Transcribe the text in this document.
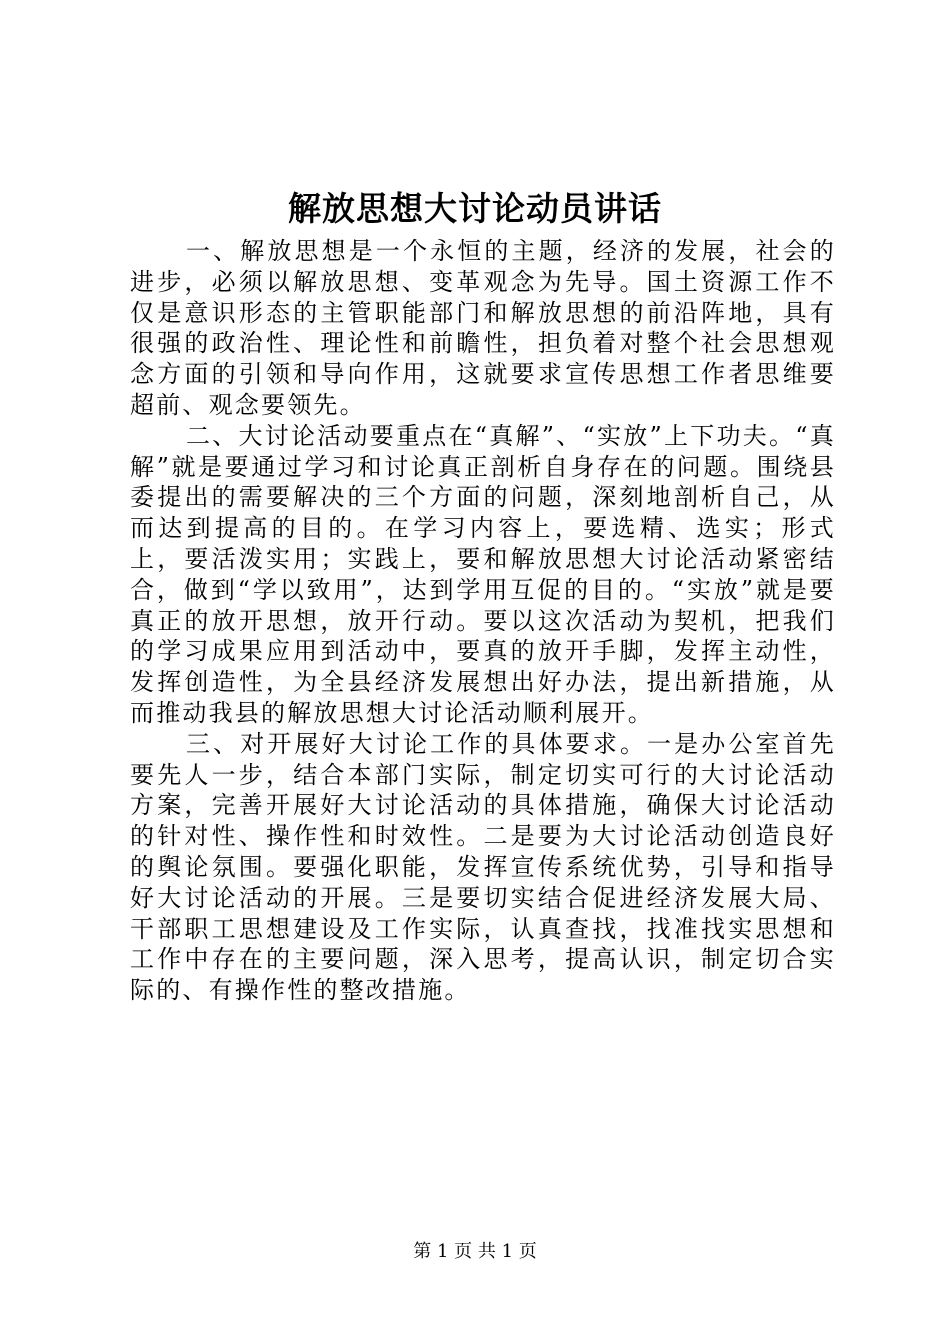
解放思想大讨论动员讲话

一、解放思想是一个永恒的主题，经济的发展，社会的进步，必须以解放思想、变革观念为先导。国土资源工作不仅是意识形态的主管职能部门和解放思想的前沿阵地，具有很强的政治性、理论性和前瞻性，担负着对整个社会思想观念方面的引领和导向作用，这就要求宣传思想工作者思维要超前、观念要领先。

二、大讨论活动要重点在“真解”、“实放”上下功夫。“真解”就是要通过学习和讨论真正剖析自身存在的问题。围绕县委提出的需要解决的三个方面的问题，深刻地剖析自己，从而达到提高的目的。在学习内容上，要选精、选实；形式上，要活泼实用；实践上，要和解放思想大讨论活动紧密结合，做到“学以致用”，达到学用互促的目的。“实放”就是要真正的放开思想，放开行动。要以这次活动为契机，把我们的学习成果应用到活动中，要真的放开手脚，发挥主动性，发挥创造性，为全县经济发展想出好办法，提出新措施，从而推动我县的解放思想大讨论活动顺利展开。

三、对开展好大讨论工作的具体要求。一是办公室首先要先人一步，结合本部门实际，制定切实可行的大讨论活动方案，完善开展好大讨论活动的具体措施，确保大讨论活动的针对性、操作性和时效性。二是要为大讨论活动创造良好的舆论氛围。要强化职能，发挥宣传系统优势，引导和指导好大讨论活动的开展。三是要切实结合促进经济发展大局、干部职工思想建设及工作实际，认真查找，找准找实思想和工作中存在的主要问题，深入思考，提高认识，制定切合实际的、有操作性的整改措施。

第 1 页 共 1 页
